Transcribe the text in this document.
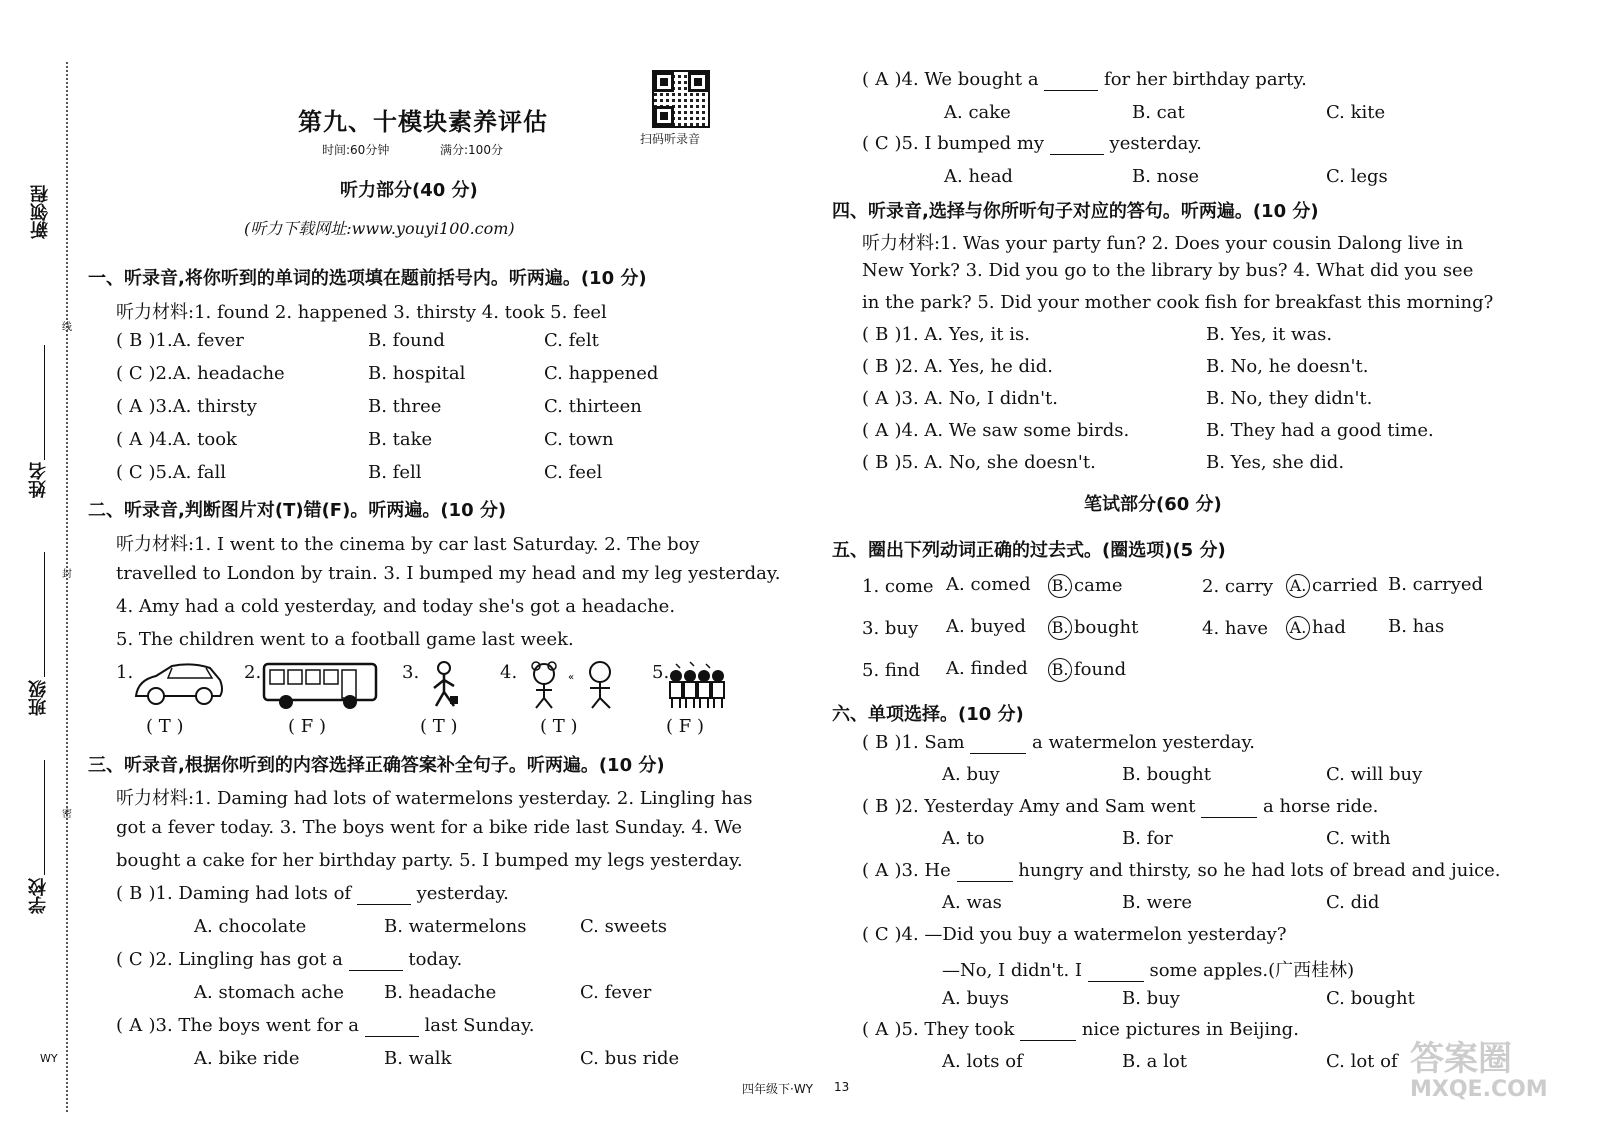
新领程
姓名
班级
学校
线
封
密
WY
第九、十模块素养评估
时间:60分钟	满分:100分
扫码听录音
听力部分(40 分)
(听力下载网址:www.youyi100.com)
一、听录音,将你听到的单词的选项填在题前括号内。听两遍。(10 分)
听力材料:1. found 2. happened 3. thirsty 4. took 5. feel
( B )1.A. fever	B. found	C. felt
( C )2.A. headache	B. hospital	C. happened
( A )3.A. thirsty	B. three	C. thirteen
( A )4.A. took	B. take	C. town
( C )5.A. fall	B. fell	C. feel
二、听录音,判断图片对(T)错(F)。听两遍。(10 分)
听力材料:1. I went to the cinema by car last Saturday. 2. The boy
travelled to London by train. 3. I bumped my head and my leg yesterday.
4. Amy had a cold yesterday, and today she's got a headache.
5. The children went to a football game last week.
1.
( T )
2.
( F )
3.
( T )
4.	«
( T )
5.
( F )
三、听录音,根据你听到的内容选择正确答案补全句子。听两遍。(10 分)
听力材料:1. Daming had lots of watermelons yesterday. 2. Lingling has
got a fever today. 3. The boys went for a bike ride last Sunday. 4. We
bought a cake for her birthday party. 5. I bumped my legs yesterday.
( B )1. Daming had lots of	yesterday.
A. chocolate	B. watermelons	C. sweets
( C )2. Lingling has got a	today.
A. stomach ache B. headache	C. fever
( A )3. The boys went for a	last Sunday.
A. bike ride	B. walk	C. bus ride
( A )4. We bought a	for her birthday party.
A. cake	B. cat	C. kite
( C )5. I bumped my	yesterday.
A. head	B. nose	C. legs
四、听录音,选择与你所听句子对应的答句。听两遍。(10 分)
听力材料:1. Was your party fun? 2. Does your cousin Dalong live in
New York? 3. Did you go to the library by bus? 4. What did you see
in the park? 5. Did your mother cook fish for breakfast this morning?
( B )1. A. Yes, it is.	B. Yes, it was.
( B )2. A. Yes, he did.	B. No, he doesn't.
( A )3. A. No, I didn't.	B. No, they didn't.
( A )4. A. We saw some birds.	B. They had a good time.
( B )5. A. No, she doesn't.	B. Yes, she did.
笔试部分(60 分)
五、圈出下列动词正确的过去式。(圈选项)(5 分)
1. come A. comed B. came	2. carry A. carried B. carryed
3. buy A. buyed B. bought	4. have A. had B. has
5. find A. finded B. found
六、单项选择。(10 分)
( B )1. Sam	a watermelon yesterday.
A. buy	B. bought	C. will buy
( B )2. Yesterday Amy and Sam went	a horse ride.
A. to	B. for	C. with
( A )3. He	hungry and thirsty, so he had lots of bread and juice.
A. was	B. were	C. did
( C )4. —Did you buy a watermelon yesterday?
—No, I didn't. I	some apples.(广西桂林)
A. buys	B. buy	C. bought
( A )5. They took	nice pictures in Beijing.
A. lots of	B. a lot	C. lot of
四年级下·WY 13
答案圈
MXQE.COM
